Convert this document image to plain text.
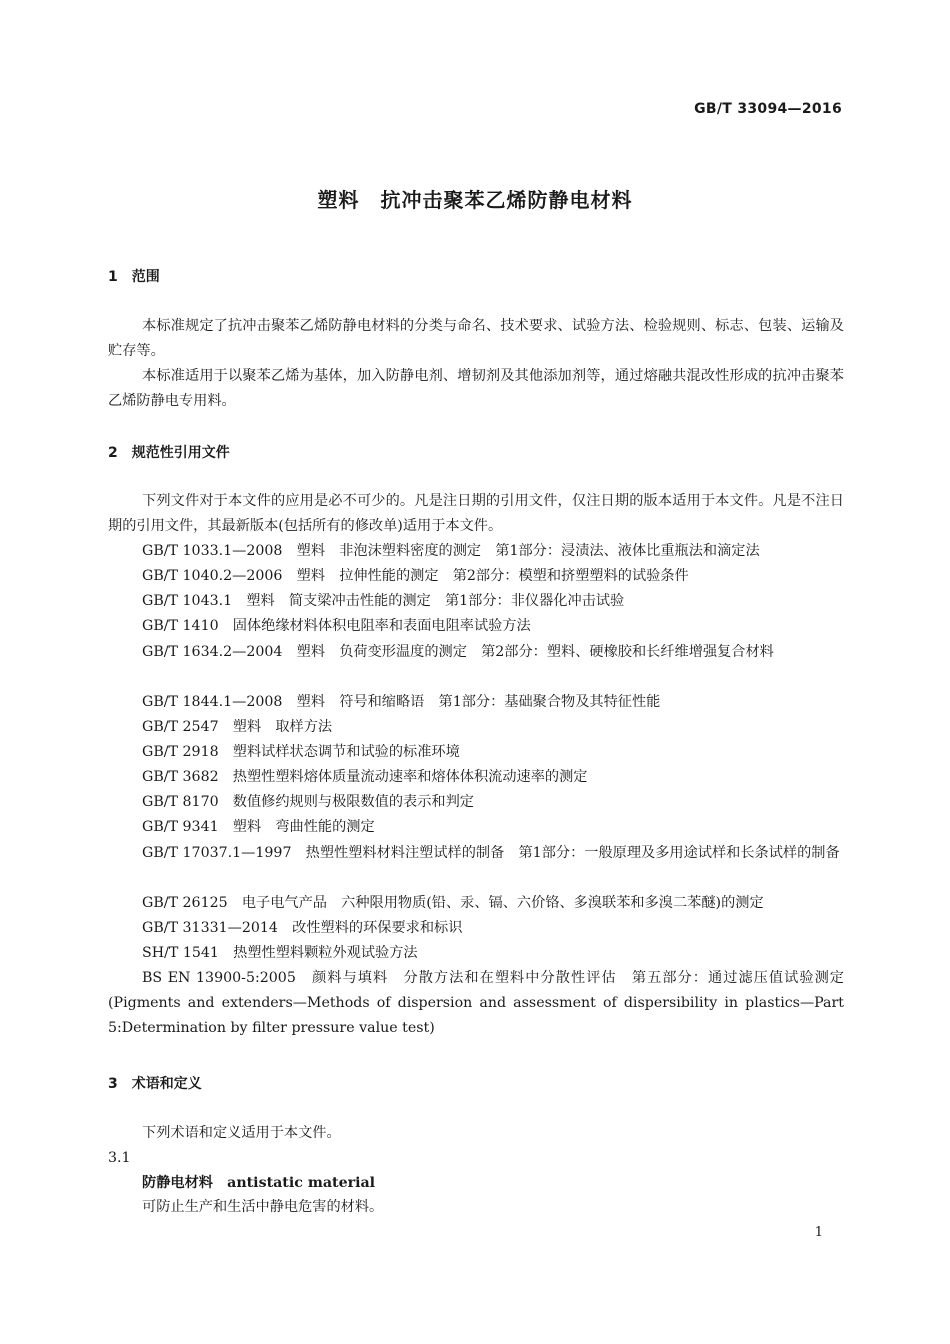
GB/T 33094—2016
塑料　抗冲击聚苯乙烯防静电材料
1　范围

本标准规定了抗冲击聚苯乙烯防静电材料的分类与命名、技术要求、试验方法、检验规则、标志、包装、运输及贮存等。

本标准适用于以聚苯乙烯为基体，加入防静电剂、增韧剂及其他添加剂等，通过熔融共混改性形成的抗冲击聚苯乙烯防静电专用料。

2　规范性引用文件

下列文件对于本文件的应用是必不可少的。凡是注日期的引用文件，仅注日期的版本适用于本文件。凡是不注日期的引用文件，其最新版本(包括所有的修改单)适用于本文件。

GB/T 1033.1—2008　塑料　非泡沫塑料密度的测定　第1部分：浸渍法、液体比重瓶法和滴定法

GB/T 1040.2—2006　塑料　拉伸性能的测定　第2部分：模塑和挤塑塑料的试验条件

GB/T 1043.1　塑料　简支梁冲击性能的测定　第1部分：非仪器化冲击试验

GB/T 1410　固体绝缘材料体积电阻率和表面电阻率试验方法

GB/T 1634.2—2004　塑料　负荷变形温度的测定　第2部分：塑料、硬橡胶和长纤维增强复合材料

GB/T 1844.1—2008　塑料　符号和缩略语　第1部分：基础聚合物及其特征性能

GB/T 2547　塑料　取样方法

GB/T 2918　塑料试样状态调节和试验的标准环境

GB/T 3682　热塑性塑料熔体质量流动速率和熔体体积流动速率的测定

GB/T 8170　数值修约规则与极限数值的表示和判定

GB/T 9341　塑料　弯曲性能的测定

GB/T 17037.1—1997　热塑性塑料材料注塑试样的制备　第1部分：一般原理及多用途试样和长条试样的制备

GB/T 26125　电子电气产品　六种限用物质(铅、汞、镉、六价铬、多溴联苯和多溴二苯醚)的测定

GB/T 31331—2014　改性塑料的环保要求和标识

SH/T 1541　热塑性塑料颗粒外观试验方法

BS EN 13900-5:2005　颜料与填料　分散方法和在塑料中分散性评估　第五部分：通过滤压值试验测定(Pigments and extenders—Methods of dispersion and assessment of dispersibility in plastics—Part 5:Determination by filter pressure value test)

3　术语和定义

下列术语和定义适用于本文件。

3.1

防静电材料　antistatic material

可防止生产和生活中静电危害的材料。

1
